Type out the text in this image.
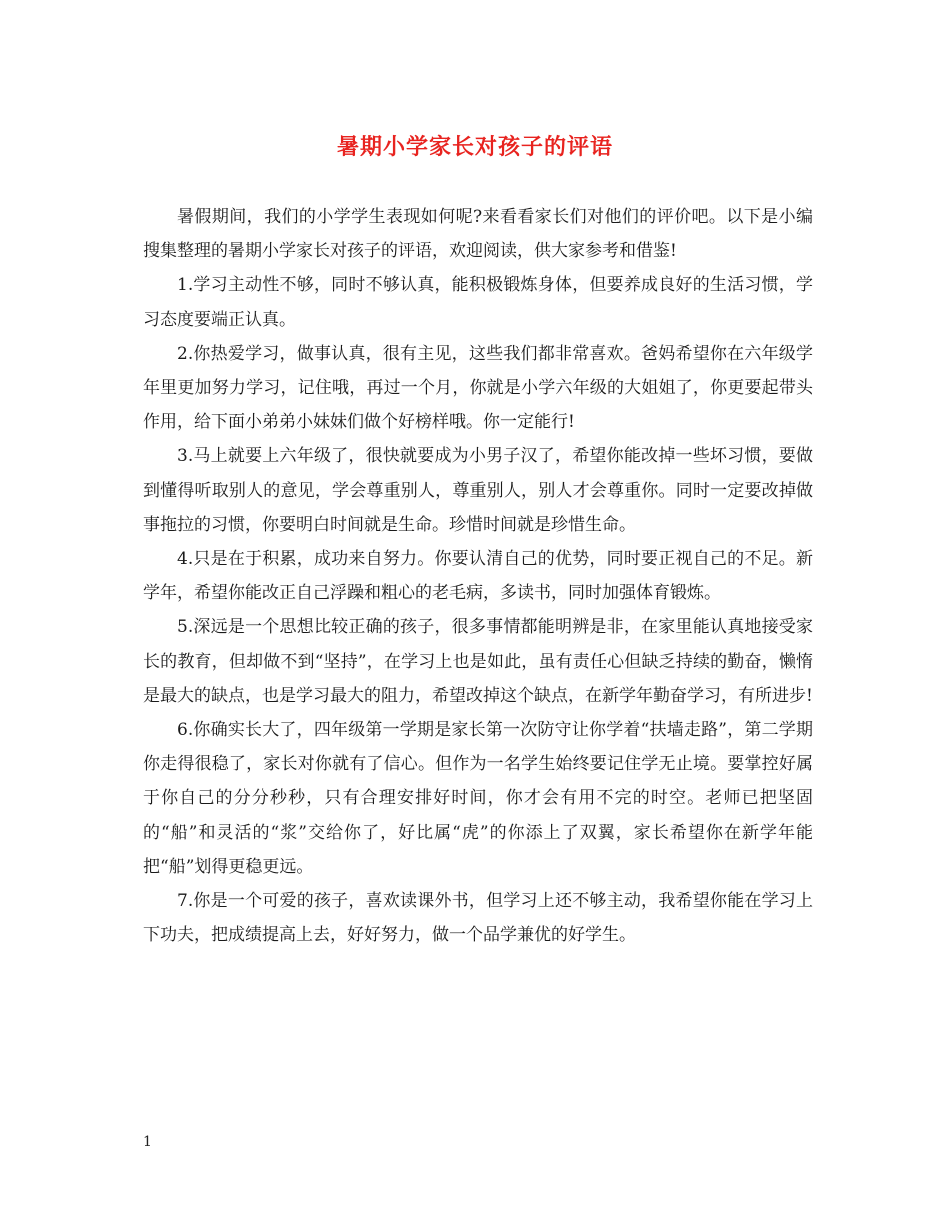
暑期小学家长对孩子的评语

暑假期间，我们的小学学生表现如何呢?来看看家长们对他们的评价吧。以下是小编搜集整理的暑期小学家长对孩子的评语，欢迎阅读，供大家参考和借鉴!

1.学习主动性不够，同时不够认真，能积极锻炼身体，但要养成良好的生活习惯，学习态度要端正认真。

2.你热爱学习，做事认真，很有主见，这些我们都非常喜欢。爸妈希望你在六年级学年里更加努力学习，记住哦，再过一个月，你就是小学六年级的大姐姐了，你更要起带头作用，给下面小弟弟小妹妹们做个好榜样哦。你一定能行!

3.马上就要上六年级了，很快就要成为小男子汉了，希望你能改掉一些坏习惯，要做到懂得听取别人的意见，学会尊重别人，尊重别人，别人才会尊重你。同时一定要改掉做事拖拉的习惯，你要明白时间就是生命。珍惜时间就是珍惜生命。

4.只是在于积累，成功来自努力。你要认清自己的优势，同时要正视自己的不足。新学年，希望你能改正自己浮躁和粗心的老毛病，多读书，同时加强体育锻炼。

5.深远是一个思想比较正确的孩子，很多事情都能明辨是非，在家里能认真地接受家长的教育，但却做不到“坚持”，在学习上也是如此，虽有责任心但缺乏持续的勤奋，懒惰是最大的缺点，也是学习最大的阻力，希望改掉这个缺点，在新学年勤奋学习，有所进步!

6.你确实长大了，四年级第一学期是家长第一次防守让你学着“扶墙走路”，第二学期你走得很稳了，家长对你就有了信心。但作为一名学生始终要记住学无止境。要掌控好属于你自己的分分秒秒，只有合理安排好时间，你才会有用不完的时空。老师已把坚固的“船”和灵活的“浆”交给你了，好比属“虎”的你添上了双翼，家长希望你在新学年能把“船”划得更稳更远。

7.你是一个可爱的孩子，喜欢读课外书，但学习上还不够主动，我希望你能在学习上下功夫，把成绩提高上去，好好努力，做一个品学兼优的好学生。

1
